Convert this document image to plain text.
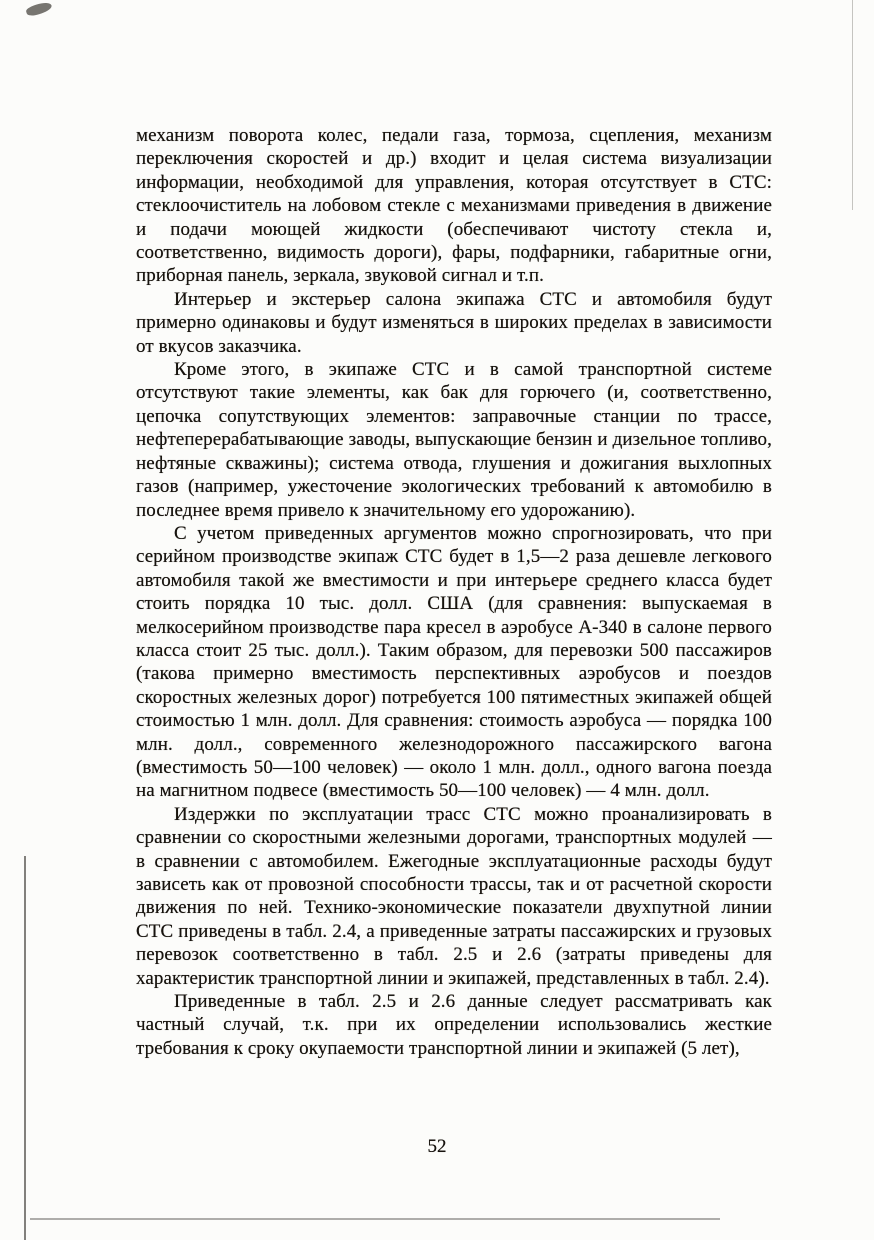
механизм поворота колес, педали газа, тормоза, сцепления, механизм переключения скоростей и др.) входит и целая система визуализации информации, необходимой для управления, которая отсутствует в СТС: стеклоочиститель на лобовом стекле с механизмами приведения в движение и подачи моющей жидкости (обеспечивают чистоту стекла и, соответственно, видимость дороги), фары, подфарники, габаритные огни, приборная панель, зеркала, звуковой сигнал и т.п.

Интерьер и экстерьер салона экипажа СТС и автомобиля будут примерно одинаковы и будут изменяться в широких пределах в зависимости от вкусов заказчика.

Кроме этого, в экипаже СТС и в самой транспортной системе отсутствуют такие элементы, как бак для горючего (и, соответственно, цепочка сопутствующих элементов: заправочные станции по трассе, нефтеперерабатывающие заводы, выпускающие бензин и дизельное топливо, нефтяные скважины); система отвода, глушения и дожигания выхлопных газов (например, ужесточение экологических требований к автомобилю в последнее время привело к значительному его удорожанию).

С учетом приведенных аргументов можно спрогнозировать, что при серийном производстве экипаж СТС будет в 1,5—2 раза дешевле легкового автомобиля такой же вместимости и при интерьере среднего класса будет стоить порядка 10 тыс. долл. США (для сравнения: выпускаемая в мелкосерийном производстве пара кресел в аэробусе А-340 в салоне первого класса стоит 25 тыс. долл.). Таким образом, для перевозки 500 пассажиров (такова примерно вместимость перспективных аэробусов и поездов скоростных железных дорог) потребуется 100 пятиместных экипажей общей стоимостью 1 млн. долл. Для сравнения: стоимость аэробуса — порядка 100 млн. долл., современного железнодорожного пассажирского вагона (вместимость 50—100 человек) — около 1 млн. долл., одного вагона поезда на магнитном подвесе (вместимость 50—100 человек) — 4 млн. долл.

Издержки по эксплуатации трасс СТС можно проанализировать в сравнении со скоростными железными дорогами, транспортных модулей — в сравнении с автомобилем. Ежегодные эксплуатационные расходы будут зависеть как от провозной способности трассы, так и от расчетной скорости движения по ней. Технико-экономические показатели двухпутной линии СТС приведены в табл. 2.4, а приведенные затраты пассажирских и грузовых перевозок соответственно в табл. 2.5 и 2.6 (затраты приведены для характеристик транспортной линии и экипажей, представленных в табл. 2.4).

Приведенные в табл. 2.5 и 2.6 данные следует рассматривать как частный случай, т.к. при их определении использовались жесткие требования к сроку окупаемости транспортной линии и экипажей (5 лет),

52
